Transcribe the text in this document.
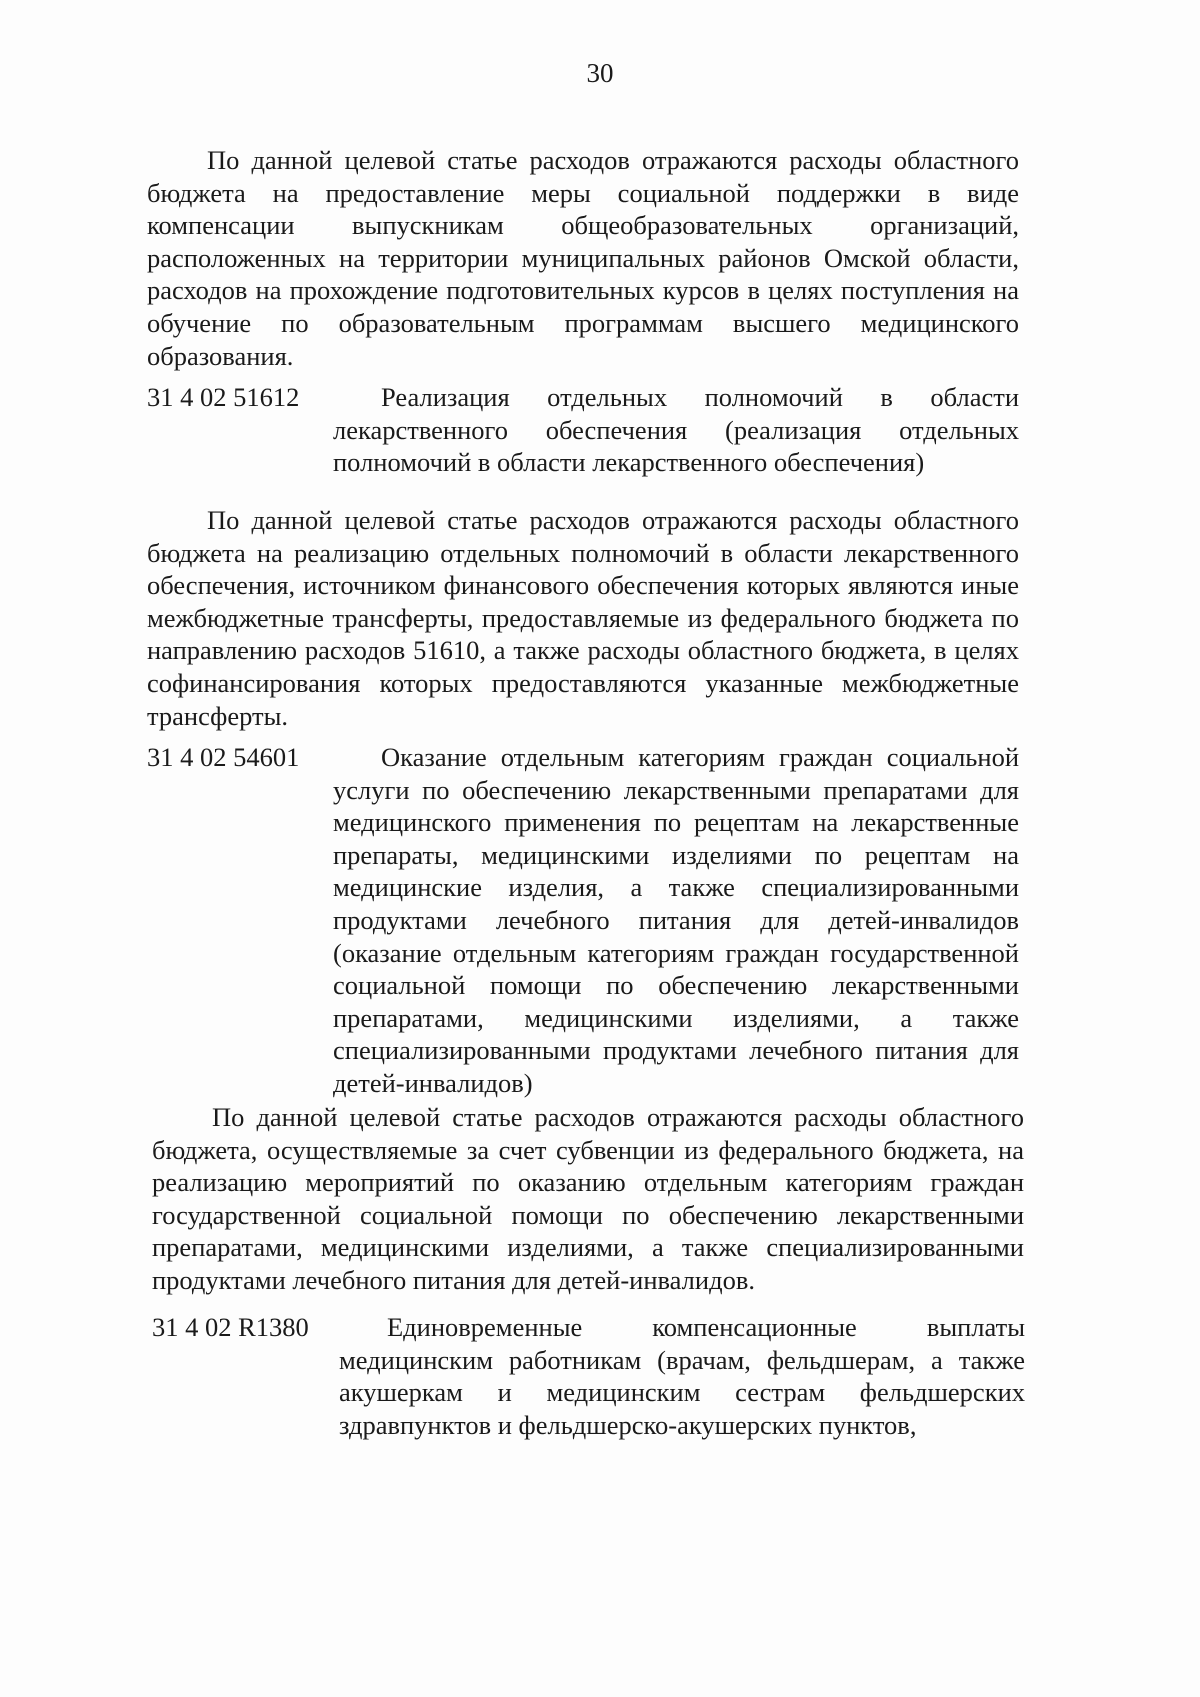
30

По данной целевой статье расходов отражаются расходы областного бюджета на предоставление меры социальной поддержки в виде компенсации выпускникам общеобразовательных организаций, расположенных на территории муниципальных районов Омской области, расходов на прохождение подготовительных курсов в целях поступления на обучение по образовательным программам высшего медицинского образования.

31 4 02 51612	Реализация отдельных полномочий в области лекарственного обеспечения (реализация отдельных полномочий в области лекарственного обеспечения)

По данной целевой статье расходов отражаются расходы областного бюджета на реализацию отдельных полномочий в области лекарственного обеспечения, источником финансового обеспечения которых являются иные межбюджетные трансферты, предоставляемые из федерального бюджета по направлению расходов 51610, а также расходы областного бюджета, в целях софинансирования которых предоставляются указанные межбюджетные трансферты.

31 4 02 54601	Оказание отдельным категориям граждан социальной услуги по обеспечению лекарственными препаратами для медицинского применения по рецептам на лекарственные препараты, медицинскими изделиями по рецептам на медицинские изделия, а также специализированными продуктами лечебного питания для детей-инвалидов (оказание отдельным категориям граждан государственной социальной помощи по обеспечению лекарственными препаратами, медицинскими изделиями, а также специализированными продуктами лечебного питания для детей-инвалидов)

По данной целевой статье расходов отражаются расходы областного бюджета, осуществляемые за счет субвенции из федерального бюджета, на реализацию мероприятий по оказанию отдельным категориям граждан государственной социальной помощи по обеспечению лекарственными препаратами, медицинскими изделиями, а также специализированными продуктами лечебного питания для детей-инвалидов.

31 4 02 R1380	Единовременные компенсационные выплаты медицинским работникам (врачам, фельдшерам, а также акушеркам и медицинским сестрам фельдшерских здравпунктов и фельдшерско-акушерских пунктов,
